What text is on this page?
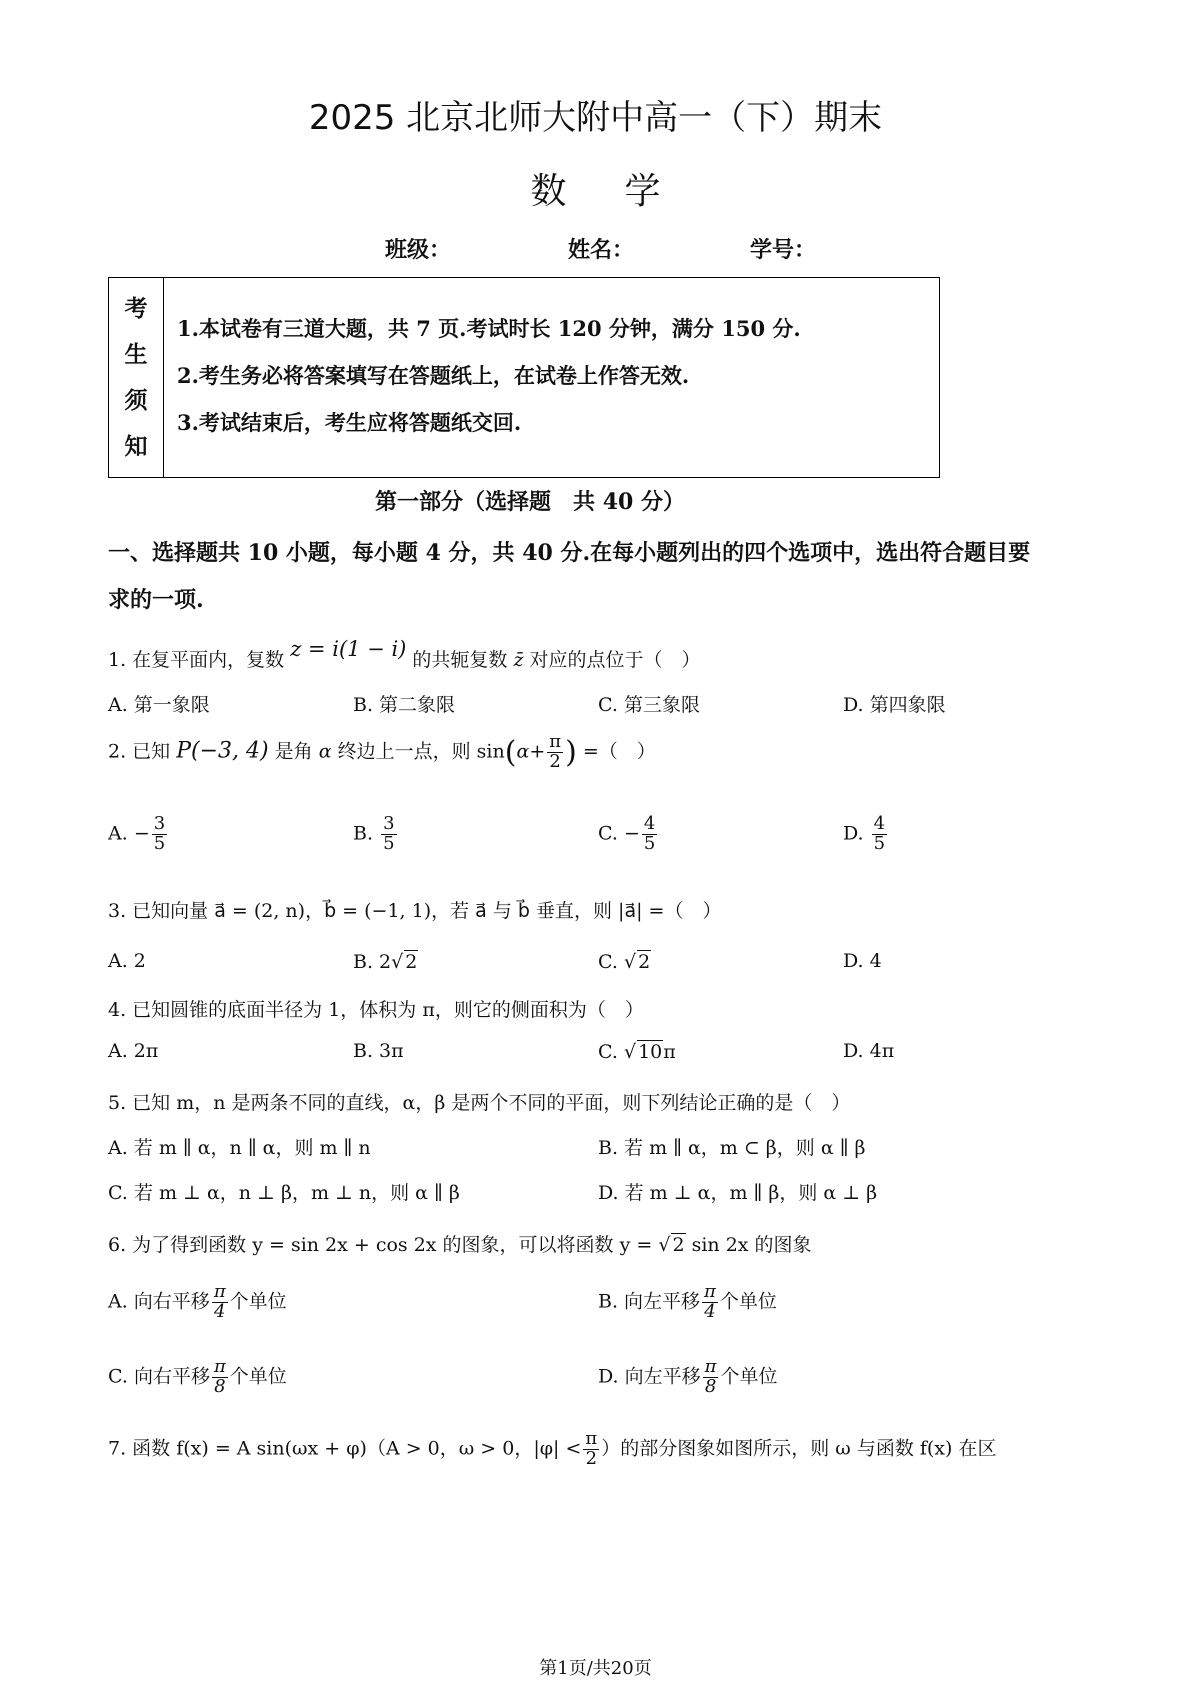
2025 北京北师大附中高一（下）期末
数学
班级：	姓名：	学号：
考
生
须
知
1.本试卷有三道大题，共 7 页.考试时长 120 分钟，满分 150 分.
2.考生务必将答案填写在答题纸上，在试卷上作答无效.
3.考试结束后，考生应将答题纸交回.
第一部分（选择题　共 40 分）
一、选择题共 10 小题，每小题 4 分，共 40 分.在每小题列出的四个选项中，选出符合题目要
求的一项.
1. 在复平面内，复数 z = i(1 − i) 的共轭复数 z̄ 对应的点位于（　）
A. 第一象限	B. 第二象限	C. 第三象限	D. 第四象限
2. 已知 P(−3, 4) 是角 α 终边上一点，则 $\sin(\alpha+ \frac{\pi}{2}$ ) =（　）
A. − $\frac{3}{5}$	B. $\frac{3}{5}$	C. − $\frac{4}{5}$	D. $\frac{4}{5}$
3. 已知向量 a⃗ = (2, n)，b⃗ = (−1, 1)，若 a⃗ 与 b⃗ 垂直，则 |a⃗| =（　）
A. 2	B. 2√ 2	C. √ 2	D. 4
4. 已知圆锥的底面半径为 1，体积为 π，则它的侧面积为（　）
A. 2π	B. 3π	C. √ 10π	D. 4π
5. 已知 m，n 是两条不同的直线，α，β 是两个不同的平面，则下列结论正确的是（　）
A. 若 m ∥ α，n ∥ α，则 m ∥ n	B. 若 m ∥ α，m ⊂ β，则 α ∥ β
C. 若 m ⊥ α，n ⊥ β，m ⊥ n，则 α ∥ β	D. 若 m ⊥ α，m ∥ β，则 α ⊥ β
6. 为了得到函数 y = sin 2x + cos 2x 的图象，可以将函数 y = √ 2 sin 2x 的图象
A. 向右平移 $\frac{\pi}{4}$ 个单位	B. 向左平移 $\frac{\pi}{4}$ 个单位
C. 向右平移 $\frac{\pi}{8}$ 个单位	D. 向左平移 $\frac{\pi}{8}$ 个单位
7. 函数 f(x) = A sin(ωx + φ)（A > 0，ω > 0，$|\varphi| < \frac{\pi}{2}$ ）的部分图象如图所示，则 ω 与函数 f(x) 在区
第1页/共20页
